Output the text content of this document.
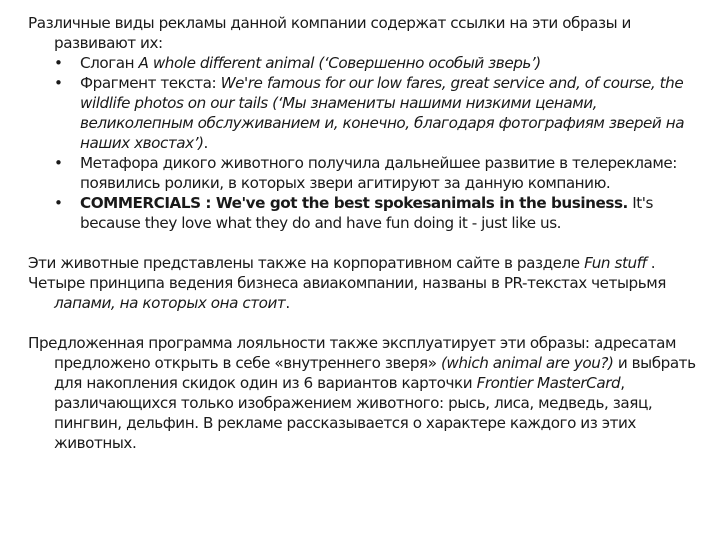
Различные виды рекламы данной компании содержат ссылки на эти образы и развивают их:

• Слоган A whole different animal (‘Совершенно особый зверь’)
• Фрагмент текста: We're famous for our low fares, great service and, of course, the wildlife photos on our tails (‘Мы знамениты нашими низкими ценами, великолепным обслуживанием и, конечно, благодаря фотографиям зверей на наших хвостах’).
• Метафора дикого животного получила дальнейшее развитие в телерекламе: появились ролики, в которых звери агитируют за данную компанию.
• COMMERCIALS : We've got the best spokesanimals in the business. It's because they love what they do and have fun doing it - just like us.

Эти животные представлены также на корпоративном сайте в разделе Fun stuff .

Четыре принципа ведения бизнеса авиакомпании, названы в PR-текстах четырьмя лапами, на которых она стоит.

Предложенная программа лояльности также эксплуатирует эти образы: адресатам предложено открыть в себе «внутреннего зверя» (which animal are you?) и выбрать для накопления скидок один из 6 вариантов карточки Frontier MasterCard, различающихся только изображением животного: рысь, лиса, медведь, заяц, пингвин, дельфин. В рекламе рассказывается о характере каждого из этих животных.
